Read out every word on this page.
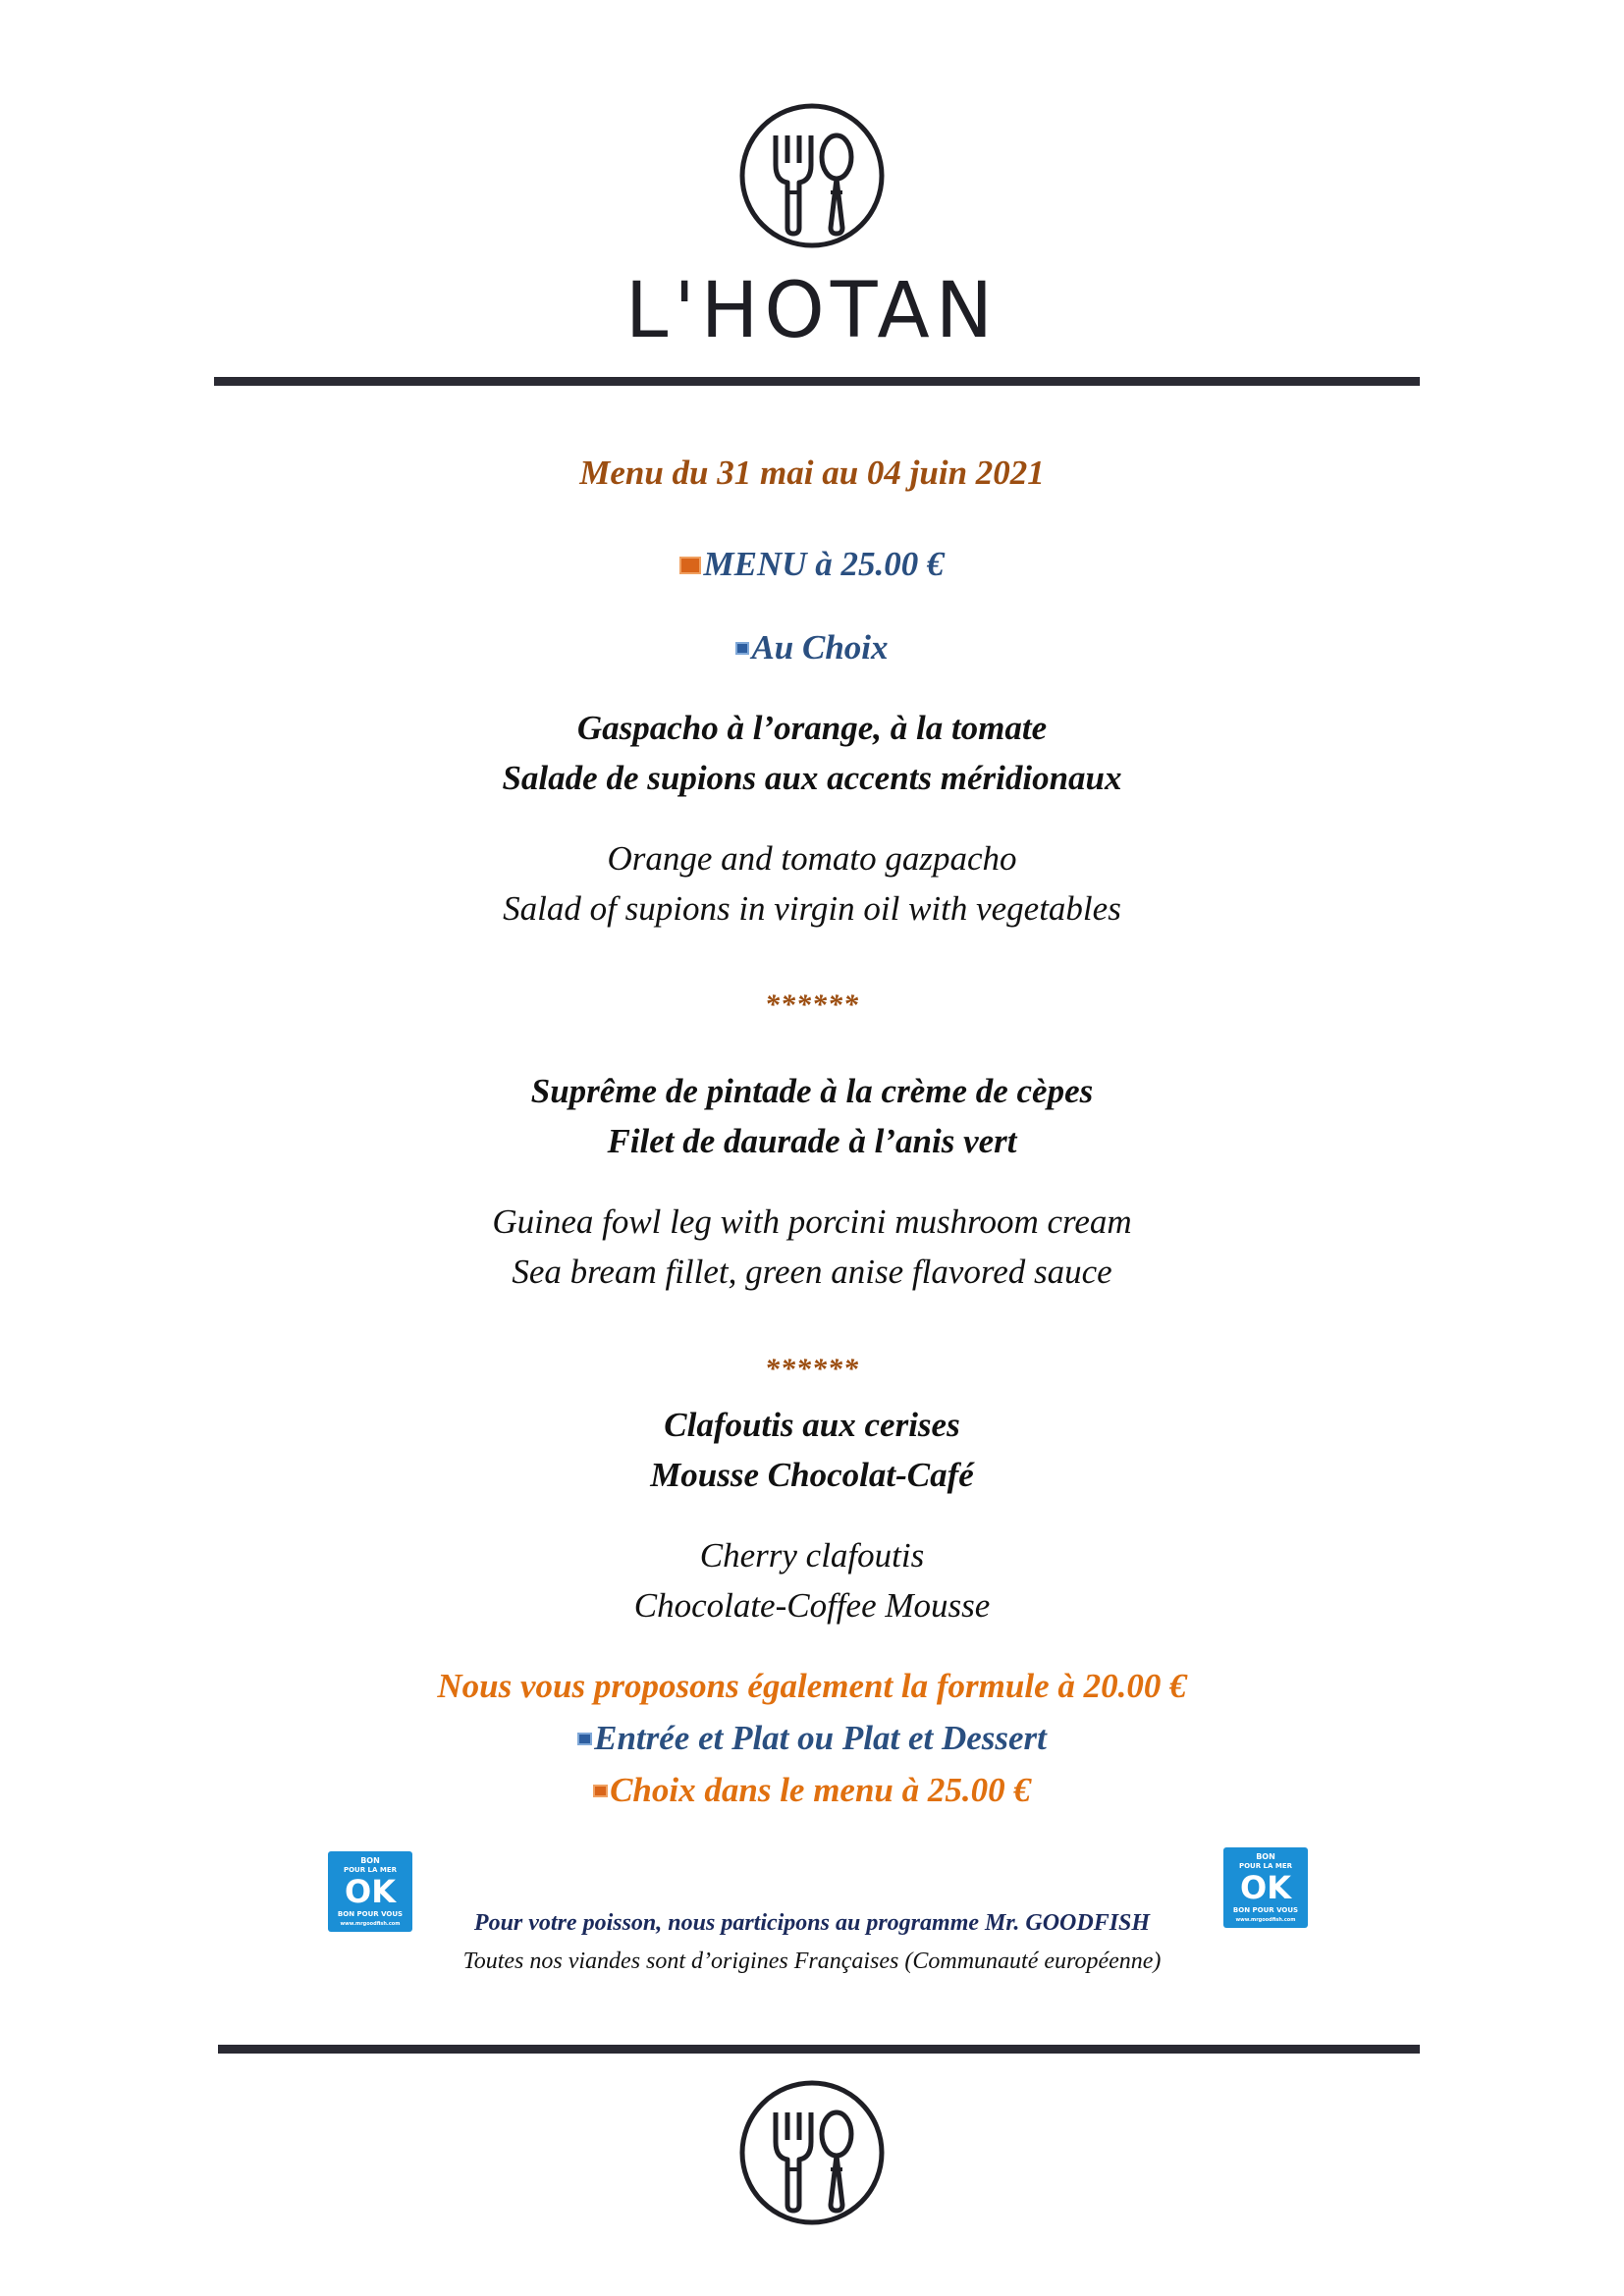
L'HOTAN
Menu du 31 mai au 04 juin 2021
MENU à 25.00 €
Au Choix
Gaspacho à l’orange, à la tomate
Salade de supions aux accents méridionaux
Orange and tomato gazpacho
Salad of supions in virgin oil with vegetables
******
Suprême de pintade à la crème de cèpes
Filet de daurade à l’anis vert
Guinea fowl leg with porcini mushroom cream
Sea bream fillet, green anise flavored sauce
******
Clafoutis aux cerises
Mousse Chocolat-Café
Cherry clafoutis
Chocolate-Coffee Mousse
Nous vous proposons également la formule à 20.00 €
Entrée et Plat ou Plat et Dessert
Choix dans le menu à 25.00 €
BON
POUR LA MER
OK
BON POUR VOUS
www.mrgoodfish.com
BON
POUR LA MER
OK
BON POUR VOUS
www.mrgoodfish.com
Pour votre poisson, nous participons au programme Mr. GOODFISH
Toutes nos viandes sont d’origines Françaises (Communauté européenne)
